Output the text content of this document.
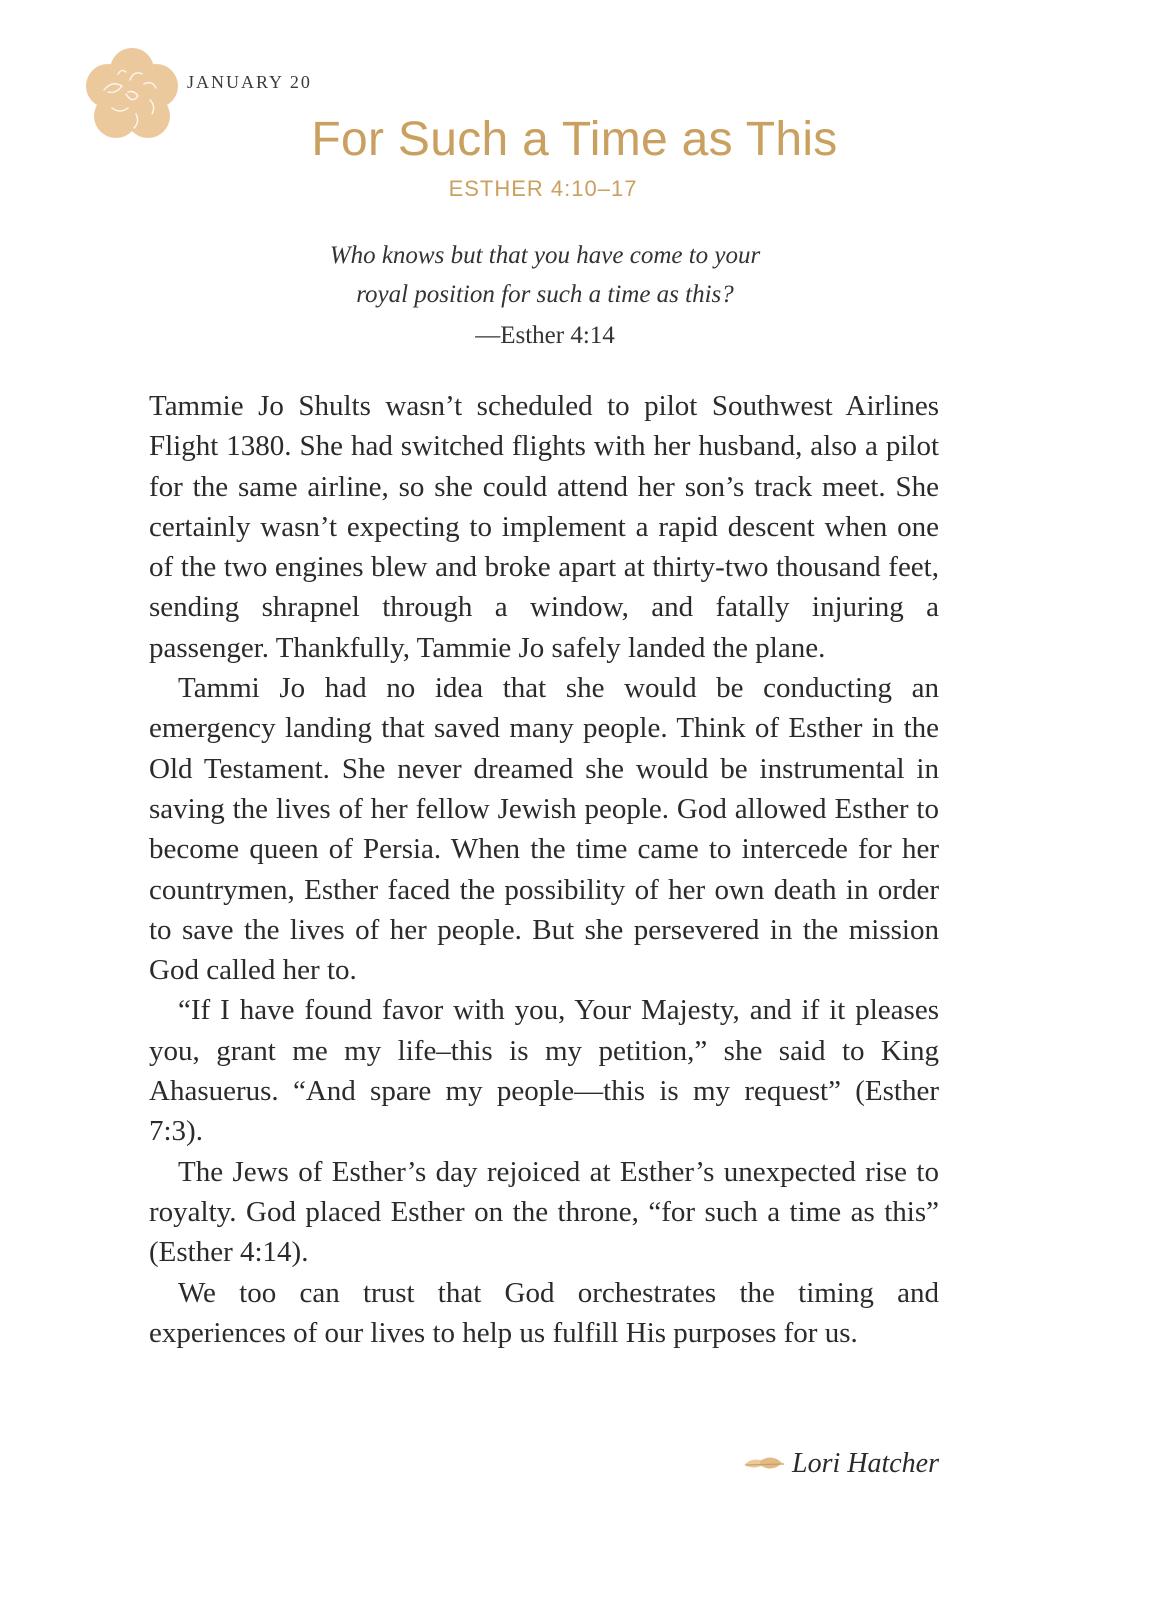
JANUARY 20
For Such a Time as This
ESTHER 4:10–17
Who knows but that you have come to your
royal position for such a time as this?
—Esther 4:14

Tammie Jo Shults wasn’t scheduled to pilot Southwest Airlines Flight 1380. She had switched flights with her husband, also a pilot for the same airline, so she could attend her son’s track meet. She certainly wasn’t expecting to implement a rapid descent when one of the two engines blew and broke apart at thirty-two thousand feet, sending shrapnel through a window, and fatally injuring a passenger. Thankfully, Tammie Jo safely landed the plane.

Tammi Jo had no idea that she would be conducting an emergency landing that saved many people. Think of Esther in the Old Testament. She never dreamed she would be instrumental in saving the lives of her fellow Jewish people. God allowed Esther to become queen of Persia. When the time came to intercede for her countrymen, Esther faced the possibility of her own death in order to save the lives of her people. But she persevered in the mission God called her to.

“If I have found favor with you, Your Majesty, and if it pleases you, grant me my life–this is my petition,” she said to King Ahasuerus. “And spare my people—this is my request” (Esther 7:3).

The Jews of Esther’s day rejoiced at Esther’s unexpected rise to royalty. God placed Esther on the throne, “for such a time as this” (Esther 4:14).

We too can trust that God orchestrates the timing and experiences of our lives to help us fulfill His purposes for us.

Lori Hatcher
